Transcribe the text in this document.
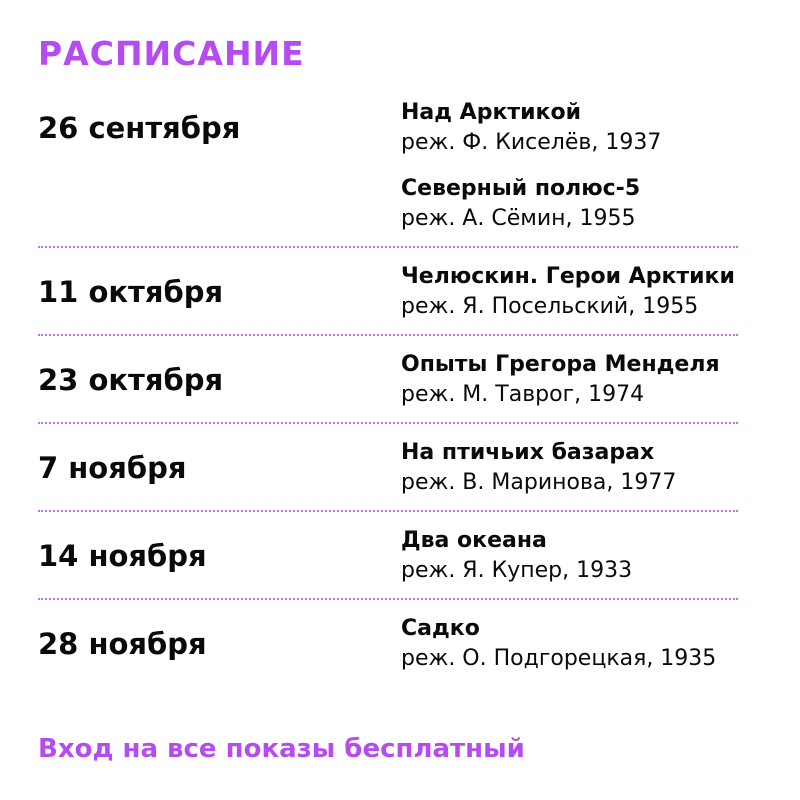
РАСПИСАНИЕ
26 сентября	Над Арктикой
реж. Ф. Киселёв, 1937
Северный полюс-5
реж. А. Сёмин, 1955
11 октября	Челюскин. Герои Арктики
реж. Я. Посельский, 1955
23 октября	Опыты Грегора Менделя
реж. М. Таврог, 1974
7 ноября	На птичьих базарах
реж. В. Маринова, 1977
14 ноября	Два океана
реж. Я. Купер, 1933
28 ноября	Садко
реж. О. Подгорецкая, 1935
Вход на все показы бесплатный
